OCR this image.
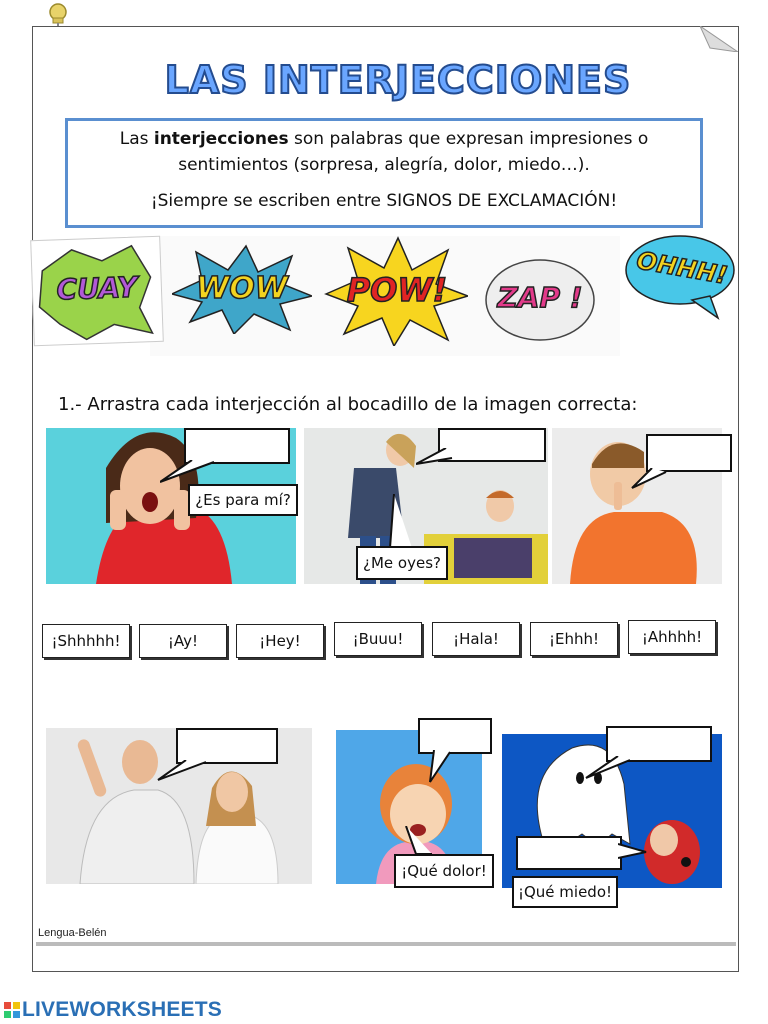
LAS INTERJECCIONES

Las interjecciones son palabras que expresan impresiones o sentimientos (sorpresa, alegría, dolor, miedo…).

¡Siempre se escriben entre SIGNOS DE EXCLAMACIÓN!

CUAY	WOW POW!	ZAP !
OHHH!
1.- Arrastra cada interjección al bocadillo de la imagen correcta:
¿Es para mí?
¿Me oyes?
¡Shhhhh!	¡Ay!	¡Hey!	¡Buuu!	¡Hala!	¡Ehhh!	¡Ahhhh!
¡Qué dolor!
¡Qué miedo!
Lengua-Belén
LIVEWORKSHEETS
